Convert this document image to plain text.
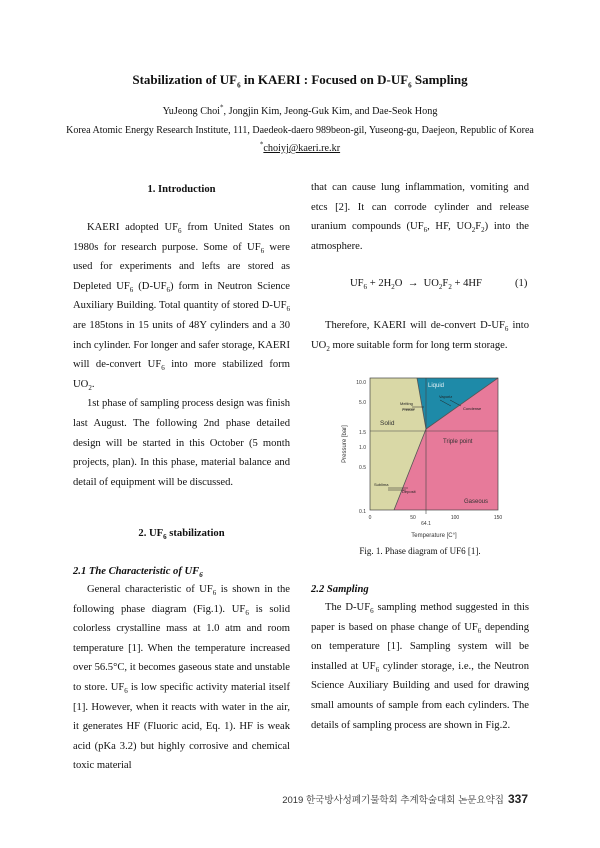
Stabilization of $UF_6$ in KAERI : Focused on $D-UF_6$ Sampling
YuJeong Choi*, Jongjin Kim, Jeong-Guk Kim, and Dae-Seok Hong
Korea Atomic Energy Research Institute, 111, Daedeok-daero 989beon-gil, Yuseong-gu, Daejeon, Republic of Korea
*choiyj@kaeri.re.kr
1. Introduction

KAERI adopted $UF_6$ from United States on 1980s for research purpose. Some of $UF_6$ were used for experiments and lefts are stored as Depleted $UF_6$ $(D-UF_6)$ form in Neutron Science Auxiliary Building. Total quantity of stored $D-UF_6$ are 185tons in 15 units of 48Y cylinders and a 30 inch cylinder. For longer and safer storage, KAERI will de-convert $UF_6$ into more stabilized form $UO_2$.

1st phase of sampling process design was finish last August. The following 2nd phase detailed design will be started in this October (5 month projects, plan). In this phase, material balance and detail of equipment will be discussed.

2. $UF_6$ stabilization
2.1 The Characteristic of $UF_6$

General characteristic of $UF_6$ is shown in the following phase diagram (Fig.1). $UF_6$ is solid colorless crystalline mass at 1.0 atm and room temperature [1]. When the temperature increased over 56.5°C, it becomes gaseous state and unstable to store. $UF_6$ is low specific activity material itself [1]. However, when it reacts with water in the air, it generates HF (Fluoric acid, Eq. 1). HF is weak acid (pKa 3.2) but highly corrosive and chemical toxic material

that can cause lung inflammation, vomiting and etcs [2]. It can corrode cylinder and release uranium compounds ($UF_6$, HF, $UO_2F_2$) into the atmosphere.

$UF_6 + 2H_2O \to UO_2F_2 + 4HF$	(1)

Therefore, KAERI will de-convert $D-UF_6$ into $UO_2$ more suitable form for long term storage.

10.0
5.0
1.5
1.0
0.5
0.1
0	50	100	150
64.1
Temperature [C°]
Pressure [bar]
Solid
Liquid
Gaseous
Triple point
Melting
Freeze
Vaporiz
Condense
Sublima
Deposit
Fig. 1. Phase diagram of UF6 [1].
2.2 Sampling

The $D-UF_6$ sampling method suggested in this paper is based on phase change of $UF_6$ depending on temperature [1]. Sampling system will be installed at $UF_6$ cylinder storage, i.e., the Neutron Science Auxiliary Building and used for drawing small amounts of sample from each cylinders. The details of sampling process are shown in Fig.2.

2019 한국방사성폐기물학회 추계학술대회 논문요약집 337
